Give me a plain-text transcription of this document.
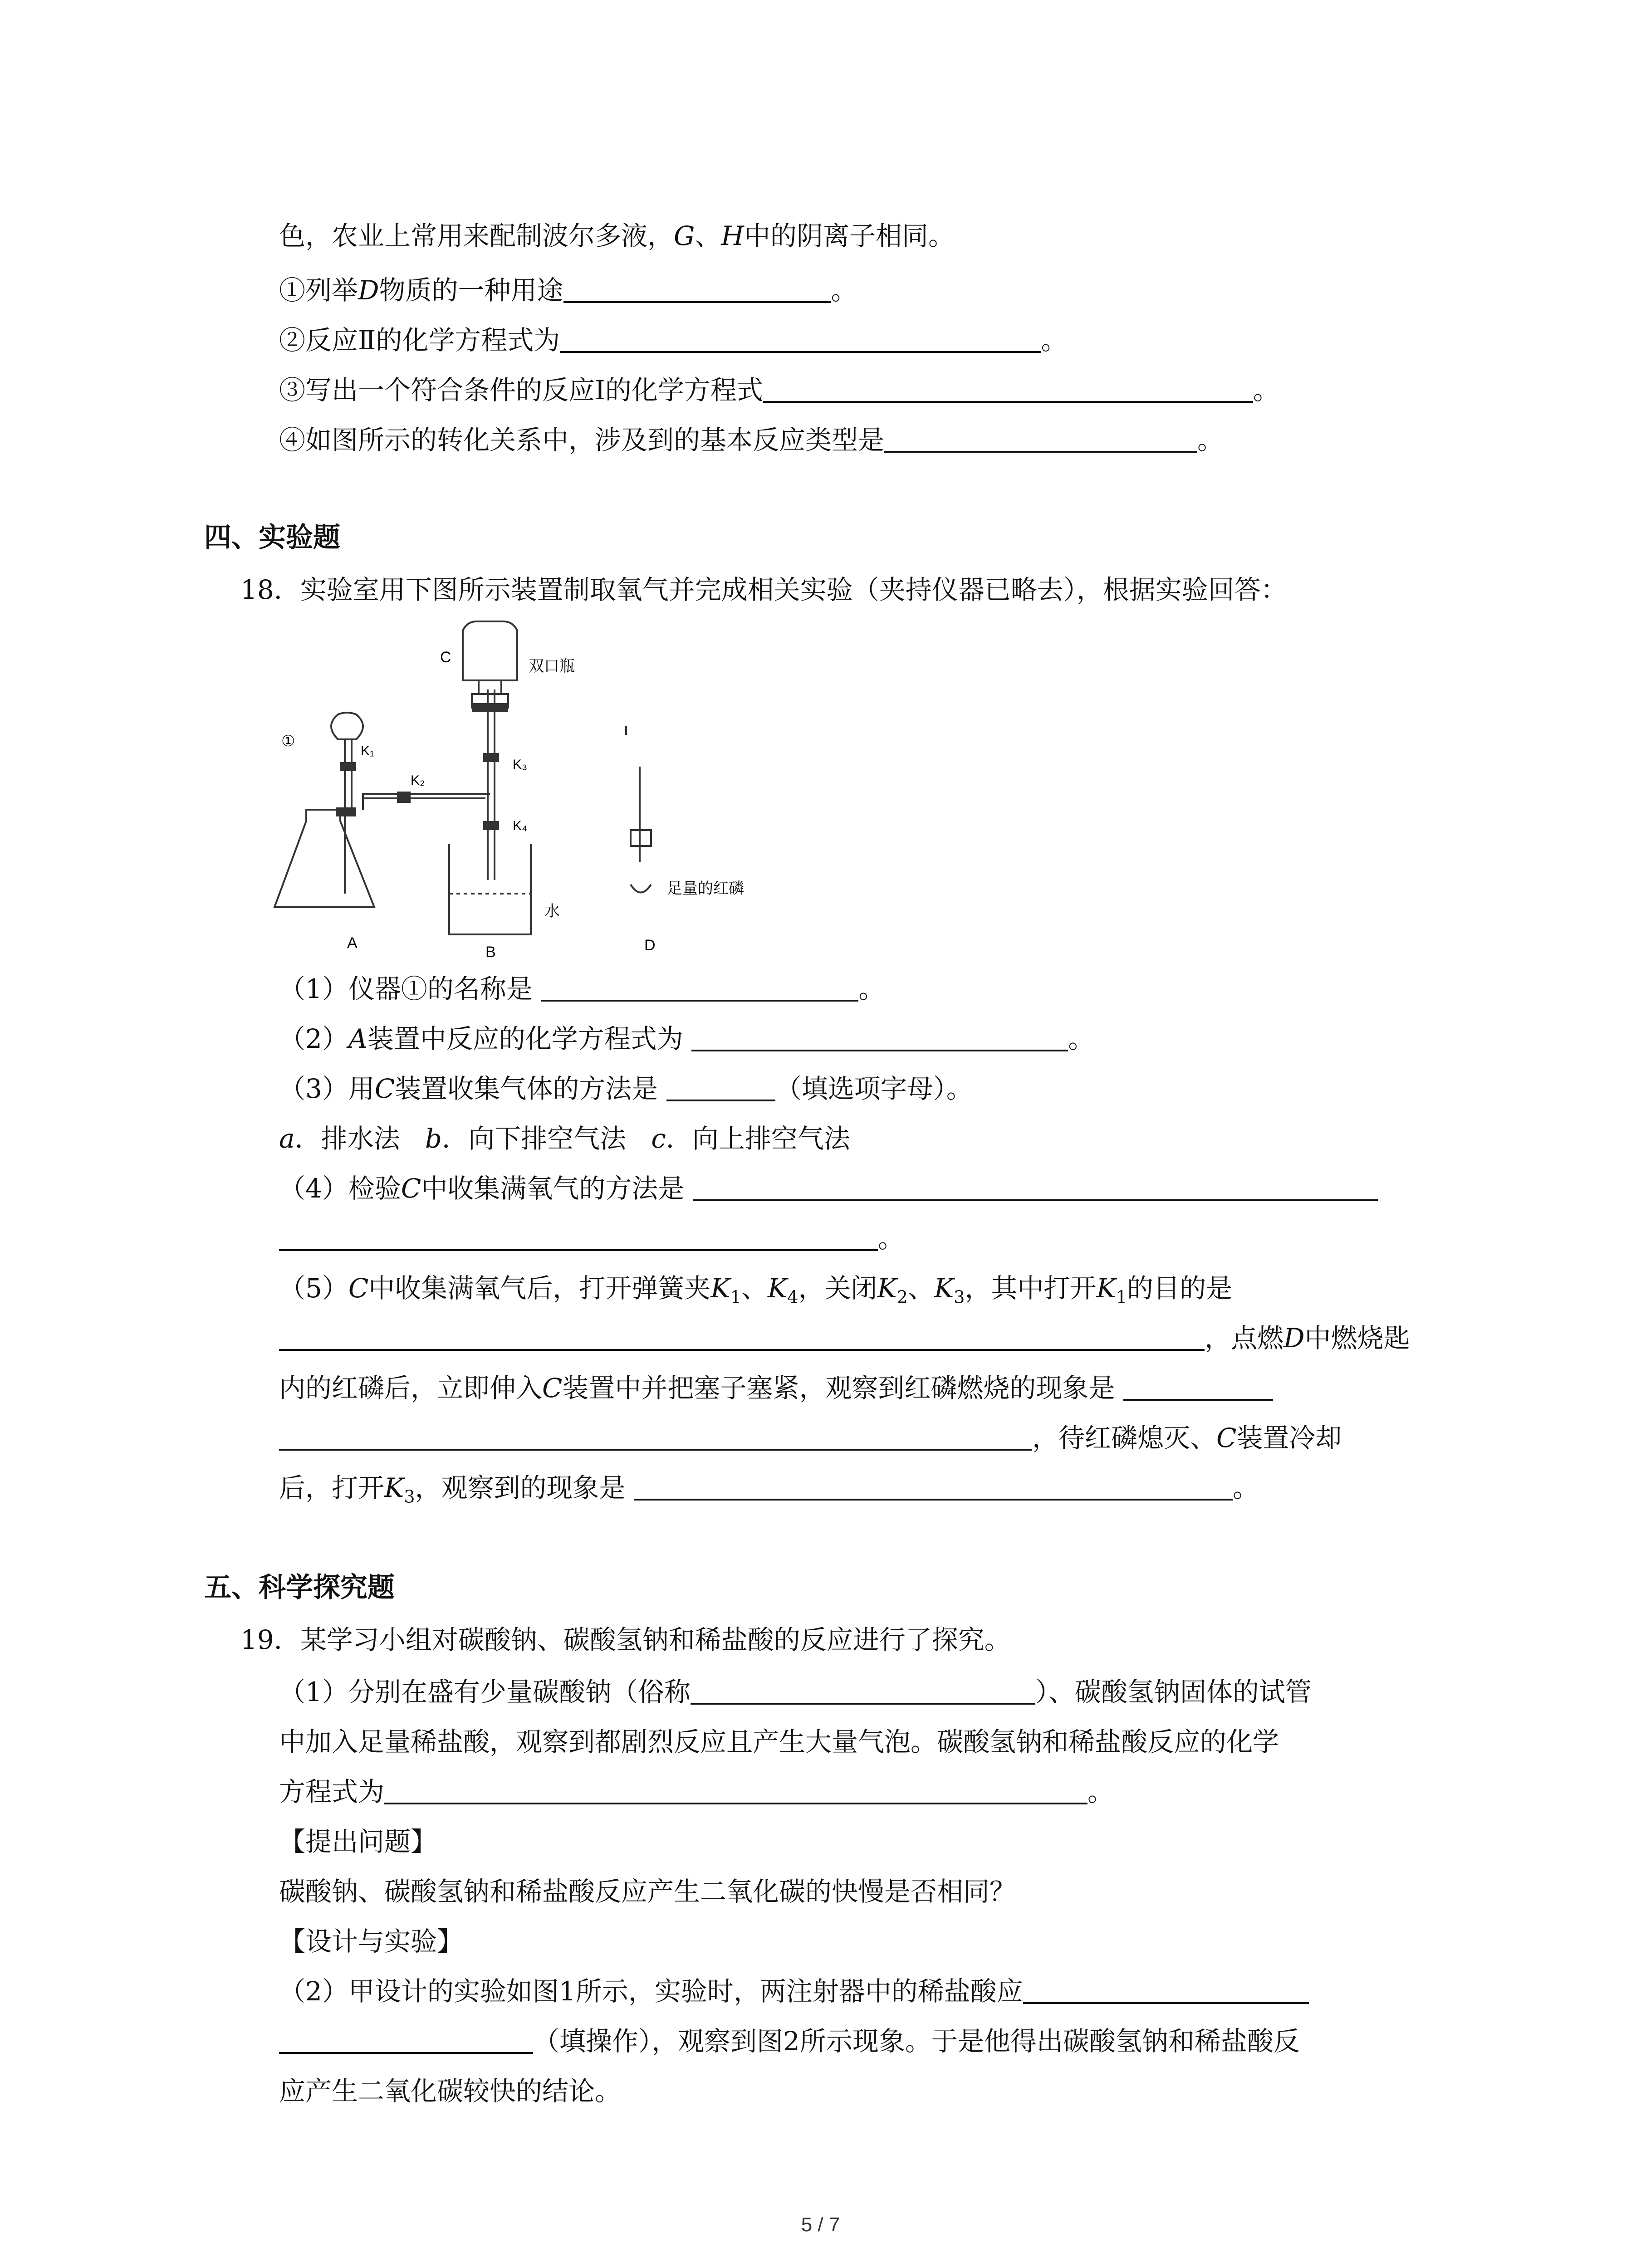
色，农业上常用来配制波尔多液，G、H中的阴离子相同。
①列举D物质的一种用途	。
②反应Ⅱ的化学方程式为	。
③写出一个符合条件的反应Ⅰ的化学方程式	。
④如图所示的转化关系中，涉及到的基本反应类型是	。
四、实验题
18．实验室用下图所示装置制取氧气并完成相关实验（夹持仪器已略去），根据实验回答：
C
双口瓶
①
K₁
K₂
K₃
K₄
水
足量的红磷
A
B	D
（1）仪器①的名称是	。
（2）A装置中反应的化学方程式为	。
（3）用C装置收集气体的方法是	（填选项字母）。
a．排水法 b．向下排空气法 c．向上排空气法
（4）检验C中收集满氧气的方法是
。
（5）C中收集满氧气后，打开弹簧夹$K_1$、$K_4$，关闭$K_2$、$K_3$，其中打开$K_1$的目的是
，点燃D中燃烧匙
内的红磷后，立即伸入C装置中并把塞子塞紧，观察到红磷燃烧的现象是
，待红磷熄灭、C装置冷却
后，打开$K_3$，观察到的现象是	。
五、科学探究题
19．某学习小组对碳酸钠、碳酸氢钠和稀盐酸的反应进行了探究。
（1）分别在盛有少量碳酸钠（俗称	）、碳酸氢钠固体的试管
中加入足量稀盐酸，观察到都剧烈反应且产生大量气泡。碳酸氢钠和稀盐酸反应的化学
方程式为	。
【提出问题】
碳酸钠、碳酸氢钠和稀盐酸反应产生二氧化碳的快慢是否相同？
【设计与实验】
（2）甲设计的实验如图1所示，实验时，两注射器中的稀盐酸应
（填操作），观察到图2所示现象。于是他得出碳酸氢钠和稀盐酸反
应产生二氧化碳较快的结论。
5 / 7
